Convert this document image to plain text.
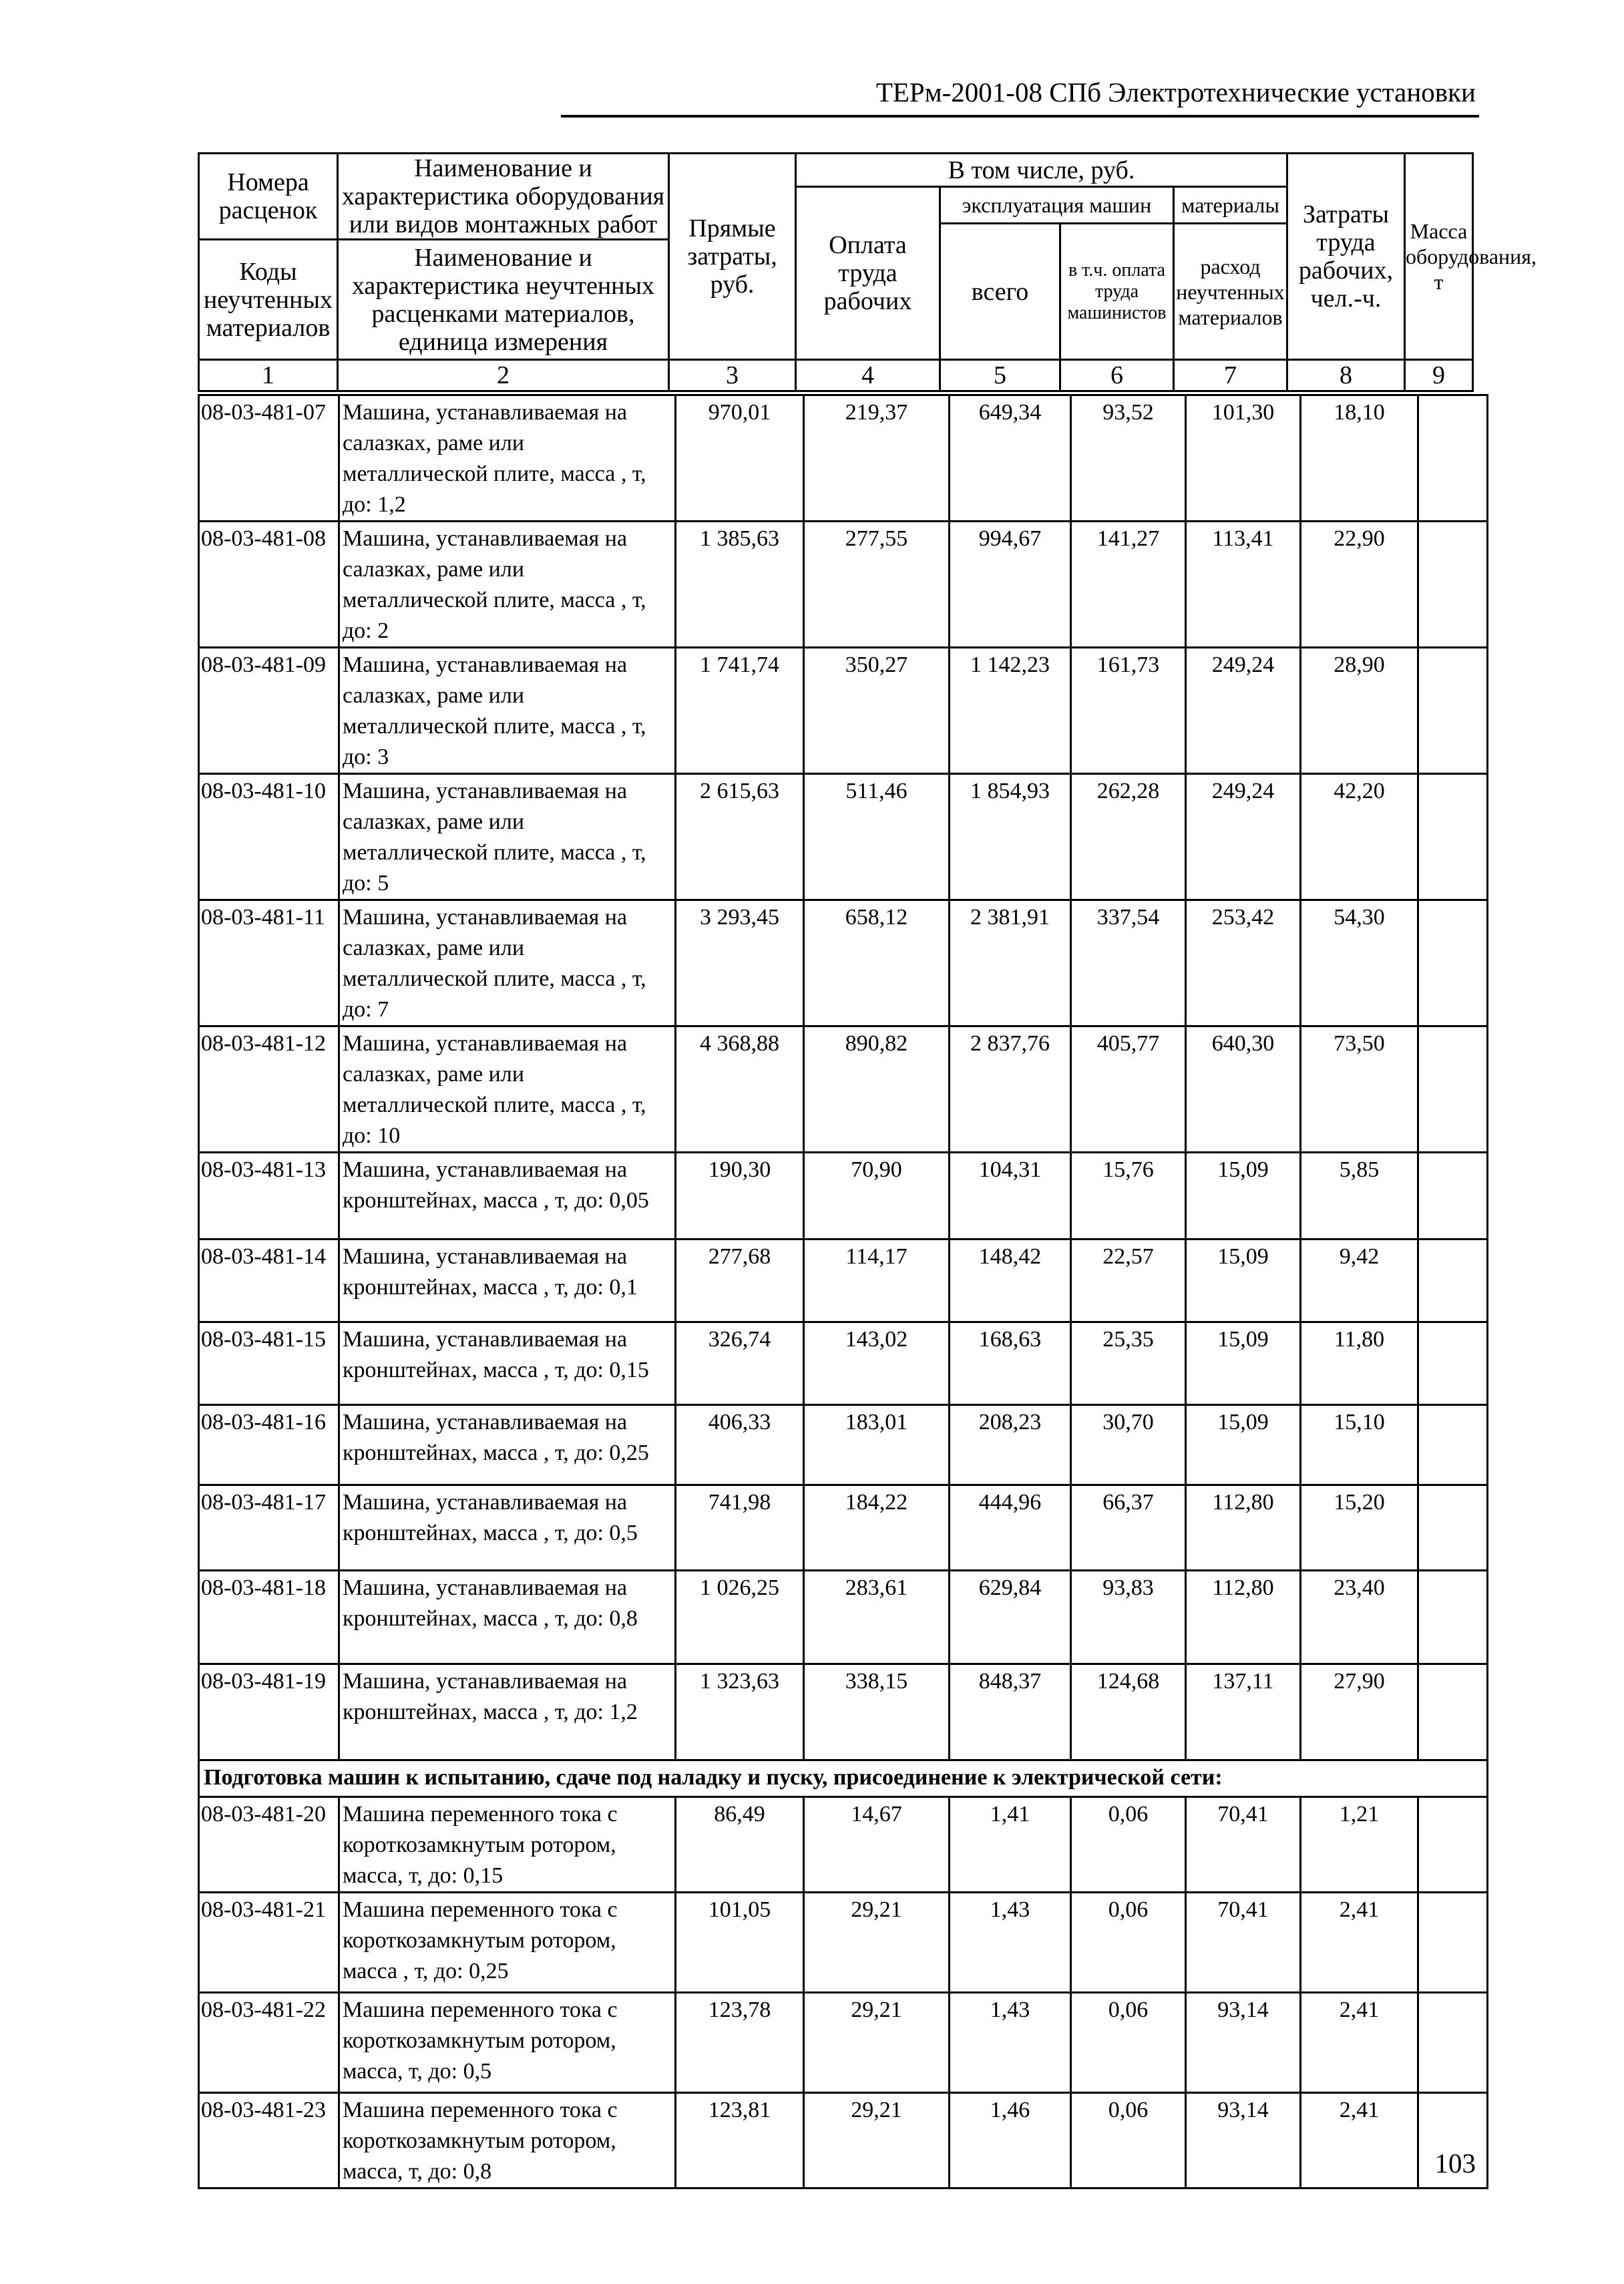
ТЕРм-2001-08 СПб Электротехнические установки
Номера расценок	Наименование и характеристика оборудования или видов монтажных работ	Прямые затраты, руб.	В том числе, руб.				Затраты труда рабочих, чел.-ч.	Масса оборудования, т
			Оплата труда рабочих	эксплуатация машин		материалы		
				всего	в т.ч. оплата труда машинистов	расход неучтенных материалов		
Коды неучтенных материалов	Наименование и характеристика неучтенных расценками материалов, единица измерения							

1	2	3	4	5	6	7	8	9
08-03-481-07	Машина, устанавливаемая на салазках, раме или металлической плите, масса , т, до: 1,2	970,01	219,37	649,34	93,52	101,30	18,10	
08-03-481-08	Машина, устанавливаемая на салазках, раме или металлической плите, масса , т, до: 2	1 385,63	277,55	994,67	141,27	113,41	22,90	
08-03-481-09	Машина, устанавливаемая на салазках, раме или металлической плите, масса , т, до: 3	1 741,74	350,27	1 142,23	161,73	249,24	28,90	
08-03-481-10	Машина, устанавливаемая на салазках, раме или металлической плите, масса , т, до: 5	2 615,63	511,46	1 854,93	262,28	249,24	42,20	
08-03-481-11	Машина, устанавливаемая на салазках, раме или металлической плите, масса , т, до: 7	3 293,45	658,12	2 381,91	337,54	253,42	54,30	
08-03-481-12	Машина, устанавливаемая на салазках, раме или металлической плите, масса , т, до: 10	4 368,88	890,82	2 837,76	405,77	640,30	73,50	
08-03-481-13	Машина, устанавливаемая на кронштейнах, масса , т, до: 0,05	190,30	70,90	104,31	15,76	15,09	5,85	
08-03-481-14	Машина, устанавливаемая на кронштейнах, масса , т, до: 0,1	277,68	114,17	148,42	22,57	15,09	9,42	
08-03-481-15	Машина, устанавливаемая на кронштейнах, масса , т, до: 0,15	326,74	143,02	168,63	25,35	15,09	11,80	
08-03-481-16	Машина, устанавливаемая на кронштейнах, масса , т, до: 0,25	406,33	183,01	208,23	30,70	15,09	15,10	
08-03-481-17	Машина, устанавливаемая на кронштейнах, масса , т, до: 0,5	741,98	184,22	444,96	66,37	112,80	15,20	
08-03-481-18	Машина, устанавливаемая на кронштейнах, масса , т, до: 0,8	1 026,25	283,61	629,84	93,83	112,80	23,40	
08-03-481-19	Машина, устанавливаемая на кронштейнах, масса , т, до: 1,2	1 323,63	338,15	848,37	124,68	137,11	27,90	
Подготовка машин к испытанию, сдаче под наладку и пуску, присоединение к электрической сети:								
08-03-481-20	Машина переменного тока с короткозамкнутым ротором, масса, т, до: 0,15	86,49	14,67	1,41	0,06	70,41	1,21	
08-03-481-21	Машина переменного тока с короткозамкнутым ротором, масса , т, до: 0,25	101,05	29,21	1,43	0,06	70,41	2,41	
08-03-481-22	Машина переменного тока с короткозамкнутым ротором, масса, т, до: 0,5	123,78	29,21	1,43	0,06	93,14	2,41	
08-03-481-23	Машина переменного тока с короткозамкнутым ротором, масса, т, до: 0,8	123,81	29,21	1,46	0,06	93,14	2,41	
103
